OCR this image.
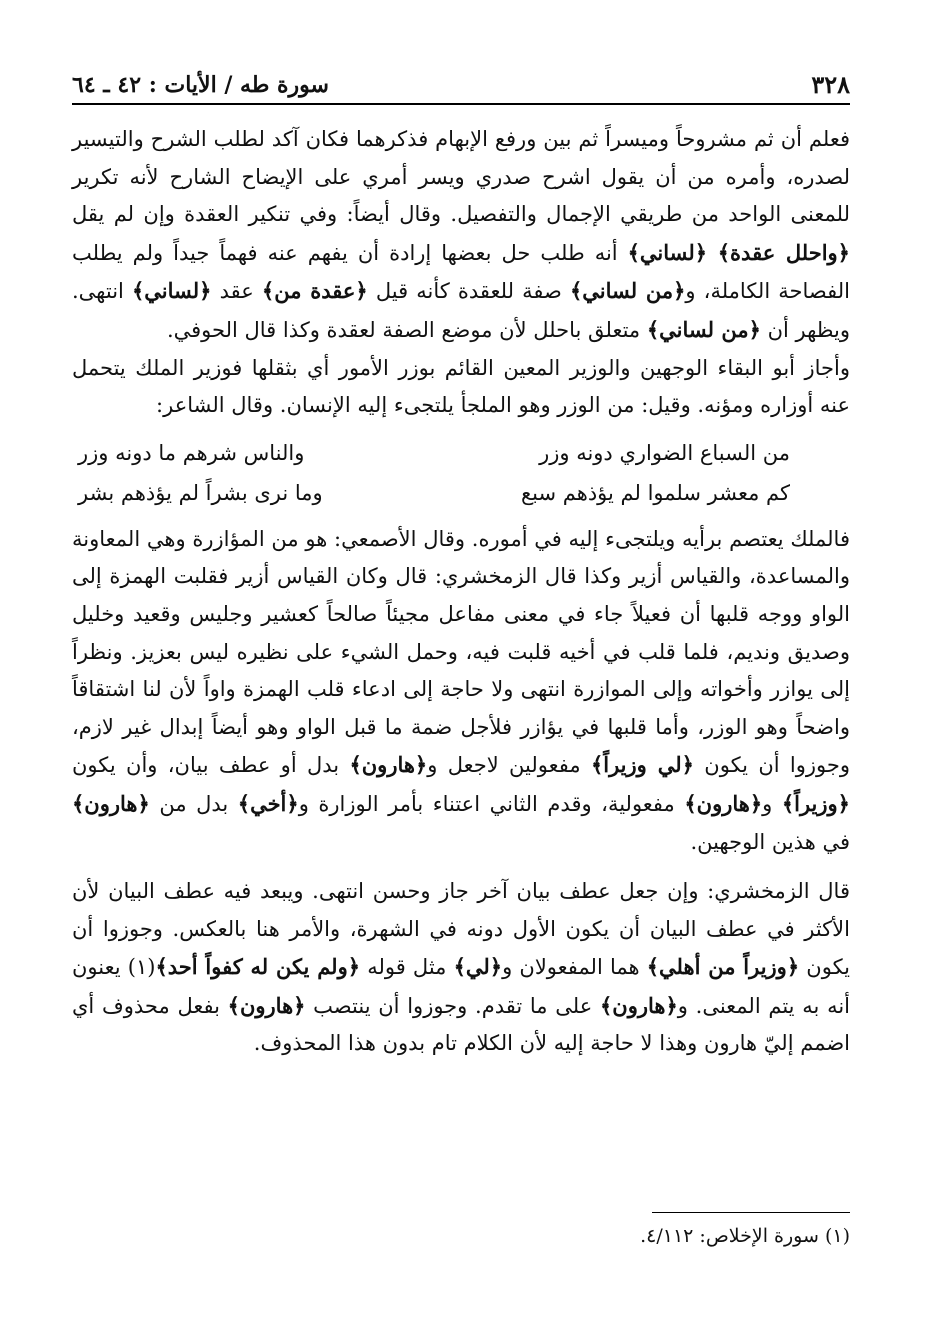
٣٢٨
سورة طه / الأيات : ٤٢ ـ ٦٤

فعلم أن ثم مشروحاً وميسراً ثم بين ورفع الإبهام فذكرهما فكان آكد لطلب الشرح والتيسير لصدره، وأمره من أن يقول اشرح صدري ويسر أمري على الإيضاح الشارح لأنه تكرير للمعنى الواحد من طريقي الإجمال والتفصيل. وقال أيضاً: وفي تنكير العقدة وإن لم يقل ﴿واحلل عقدة﴾ ﴿لساني﴾ أنه طلب حل بعضها إرادة أن يفهم عنه فهماً جيداً ولم يطلب الفصاحة الكاملة، و﴿من لساني﴾ صفة للعقدة كأنه قيل ﴿عقدة من﴾ عقد ﴿لساني﴾ انتهى. ويظهر أن ﴿من لساني﴾ متعلق باحلل لأن موضع الصفة لعقدة وكذا قال الحوفي.

وأجاز أبو البقاء الوجهين والوزير المعين القائم بوزر الأمور أي بثقلها فوزير الملك يتحمل عنه أوزاره ومؤنه. وقيل: من الوزر وهو الملجأ يلتجىء إليه الإنسان. وقال الشاعر:

من السباع الضواري دونه وزر
والناس شرهم ما دونه وزر
كم معشر سلموا لم يؤذهم سبع
وما نرى بشراً لم يؤذهم بشر

فالملك يعتصم برأيه ويلتجىء إليه في أموره. وقال الأصمعي: هو من المؤازرة وهي المعاونة والمساعدة، والقياس أزير وكذا قال الزمخشري: قال وكان القياس أزير فقلبت الهمزة إلى الواو ووجه قلبها أن فعيلاً جاء في معنى مفاعل مجيئاً صالحاً كعشير وجليس وقعيد وخليل وصديق ونديم، فلما قلب في أخيه قلبت فيه، وحمل الشيء على نظيره ليس بعزيز. ونظراً إلى يوازر وأخواته وإلى الموازرة انتهى ولا حاجة إلى ادعاء قلب الهمزة واواً لأن لنا اشتقاقاً واضحاً وهو الوزر، وأما قلبها في يؤازر فلأجل ضمة ما قبل الواو وهو أيضاً إبدال غير لازم، وجوزوا أن يكون ﴿لي وزيراً﴾ مفعولين لاجعل و﴿هارون﴾ بدل أو عطف بيان، وأن يكون ﴿وزيراً﴾ و﴿هارون﴾ مفعولية، وقدم الثاني اعتناء بأمر الوزارة و﴿أخي﴾ بدل من ﴿هارون﴾ في هذين الوجهين.

قال الزمخشري: وإن جعل عطف بيان آخر جاز وحسن انتهى. ويبعد فيه عطف البيان لأن الأكثر في عطف البيان أن يكون الأول دونه في الشهرة، والأمر هنا بالعكس. وجوزوا أن يكون ﴿وزيراً من أهلي﴾ هما المفعولان و﴿لي﴾ مثل قوله ﴿ولم يكن له كفواً أحد﴾(١) يعنون أنه به يتم المعنى. و﴿هارون﴾ على ما تقدم. وجوزوا أن ينتصب ﴿هارون﴾ بفعل محذوف أي اضمم إليّ هارون وهذا لا حاجة إليه لأن الكلام تام بدون هذا المحذوف.

(١) سورة الإخلاص: ٤/١١٢.
